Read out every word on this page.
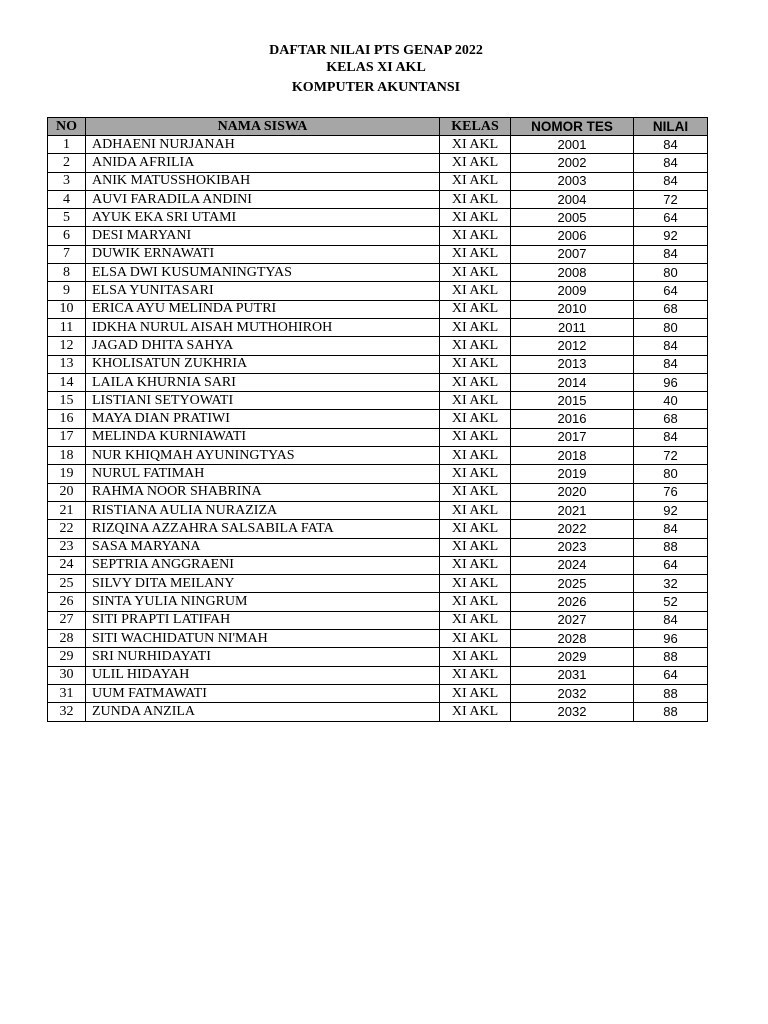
DAFTAR NILAI PTS GENAP 2022
KELAS XI AKL
KOMPUTER AKUNTANSI
NO	NAMA SISWA	KELAS	NOMOR TES	NILAI
1	ADHAENI NURJANAH	XI AKL	2001	84
2	ANIDA AFRILIA	XI AKL	2002	84
3	ANIK MATUSSHOKIBAH	XI AKL	2003	84
4	AUVI FARADILA ANDINI	XI AKL	2004	72
5	AYUK EKA SRI UTAMI	XI AKL	2005	64
6	DESI MARYANI	XI AKL	2006	92
7	DUWIK ERNAWATI	XI AKL	2007	84
8	ELSA DWI KUSUMANINGTYAS	XI AKL	2008	80
9	ELSA YUNITASARI	XI AKL	2009	64
10	ERICA AYU MELINDA PUTRI	XI AKL	2010	68
11	IDKHA NURUL AISAH MUTHOHIROH	XI AKL	2011	80
12	JAGAD DHITA SAHYA	XI AKL	2012	84
13	KHOLISATUN ZUKHRIA	XI AKL	2013	84
14	LAILA KHURNIA SARI	XI AKL	2014	96
15	LISTIANI SETYOWATI	XI AKL	2015	40
16	MAYA DIAN PRATIWI	XI AKL	2016	68
17	MELINDA KURNIAWATI	XI AKL	2017	84
18	NUR KHIQMAH AYUNINGTYAS	XI AKL	2018	72
19	NURUL FATIMAH	XI AKL	2019	80
20	RAHMA NOOR SHABRINA	XI AKL	2020	76
21	RISTIANA AULIA NURAZIZA	XI AKL	2021	92
22	RIZQINA AZZAHRA SALSABILA FATA	XI AKL	2022	84
23	SASA MARYANA	XI AKL	2023	88
24	SEPTRIA ANGGRAENI	XI AKL	2024	64
25	SILVY DITA MEILANY	XI AKL	2025	32
26	SINTA YULIA NINGRUM	XI AKL	2026	52
27	SITI PRAPTI LATIFAH	XI AKL	2027	84
28	SITI WACHIDATUN NI'MAH	XI AKL	2028	96
29	SRI NURHIDAYATI	XI AKL	2029	88
30	ULIL HIDAYAH	XI AKL	2031	64
31	UUM FATMAWATI	XI AKL	2032	88
32	ZUNDA ANZILA	XI AKL	2032	88
